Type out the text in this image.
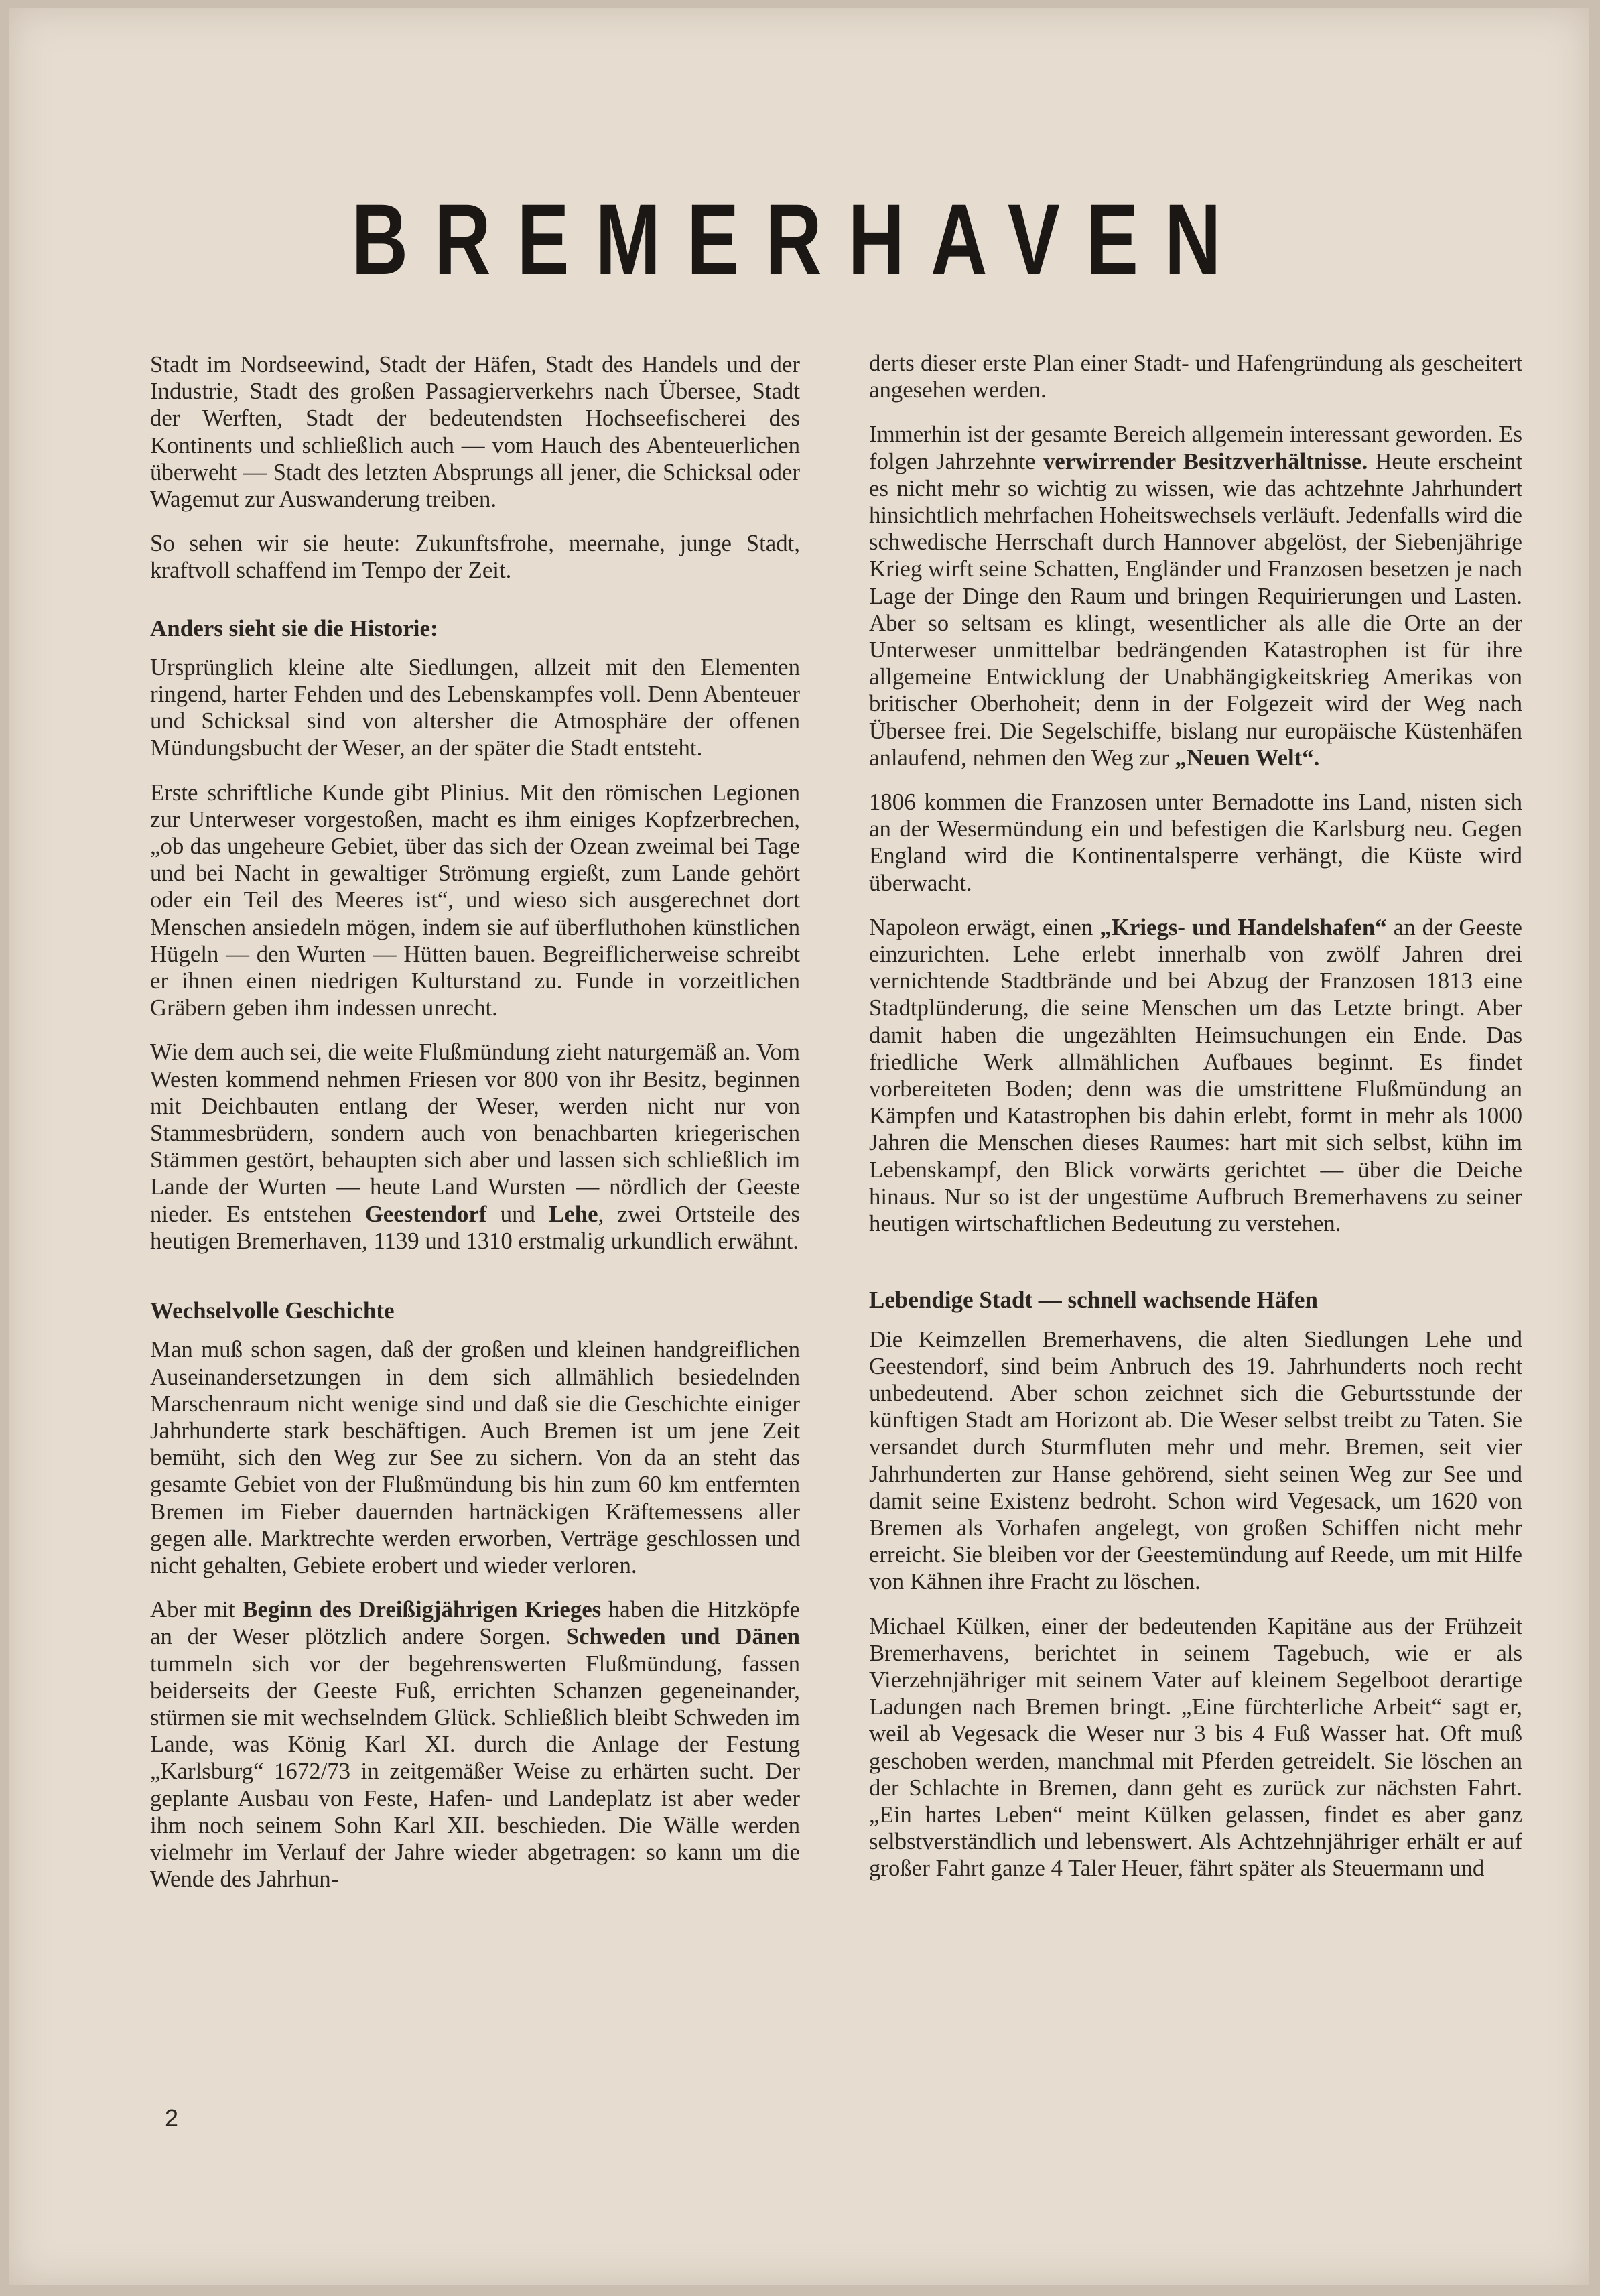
BREMERHAVEN

Stadt im Nordseewind, Stadt der Häfen, Stadt des Handels und der Industrie, Stadt des großen Passagierverkehrs nach Übersee, Stadt der Werften, Stadt der bedeutendsten Hochseefischerei des Kontinents und schließlich auch — vom Hauch des Abenteuerlichen überweht — Stadt des letzten Absprungs all jener, die Schicksal oder Wagemut zur Auswanderung treiben.

So sehen wir sie heute: Zukunftsfrohe, meernahe, junge Stadt, kraftvoll schaffend im Tempo der Zeit.

Anders sieht sie die Historie:

Ursprünglich kleine alte Siedlungen, allzeit mit den Elementen ringend, harter Fehden und des Lebenskampfes voll. Denn Abenteuer und Schicksal sind von altersher die Atmosphäre der offenen Mündungsbucht der Weser, an der später die Stadt entsteht.

Erste schriftliche Kunde gibt Plinius. Mit den römischen Legionen zur Unterweser vorgestoßen, macht es ihm einiges Kopfzerbrechen, „ob das ungeheure Gebiet, über das sich der Ozean zweimal bei Tage und bei Nacht in gewaltiger Strömung ergießt, zum Lande gehört oder ein Teil des Meeres ist“, und wieso sich ausgerechnet dort Menschen ansiedeln mögen, indem sie auf überfluthohen künstlichen Hügeln — den Wurten — Hütten bauen. Begreiflicherweise schreibt er ihnen einen niedrigen Kulturstand zu. Funde in vorzeitlichen Gräbern geben ihm indessen unrecht.

Wie dem auch sei, die weite Flußmündung zieht naturgemäß an. Vom Westen kommend nehmen Friesen vor 800 von ihr Besitz, beginnen mit Deichbauten entlang der Weser, werden nicht nur von Stammesbrüdern, sondern auch von benachbarten kriegerischen Stämmen gestört, behaupten sich aber und lassen sich schließlich im Lande der Wurten — heute Land Wursten — nördlich der Geeste nieder. Es entstehen Geestendorf und Lehe, zwei Ortsteile des heutigen Bremerhaven, 1139 und 1310 erstmalig urkundlich erwähnt.

Wechselvolle Geschichte

Man muß schon sagen, daß der großen und kleinen handgreiflichen Auseinandersetzungen in dem sich allmählich besiedelnden Marschenraum nicht wenige sind und daß sie die Geschichte einiger Jahrhunderte stark beschäftigen. Auch Bremen ist um jene Zeit bemüht, sich den Weg zur See zu sichern. Von da an steht das gesamte Gebiet von der Flußmündung bis hin zum 60 km entfernten Bremen im Fieber dauernden hartnäckigen Kräftemessens aller gegen alle. Marktrechte werden erworben, Verträge geschlossen und nicht gehalten, Gebiete erobert und wieder verloren.

Aber mit Beginn des Dreißigjährigen Krieges haben die Hitzköpfe an der Weser plötzlich andere Sorgen. Schweden und Dänen tummeln sich vor der begehrenswerten Flußmündung, fassen beiderseits der Geeste Fuß, errichten Schanzen gegeneinander, stürmen sie mit wechselndem Glück. Schließlich bleibt Schweden im Lande, was König Karl XI. durch die Anlage der Festung „Karlsburg“ 1672/73 in zeitgemäßer Weise zu erhärten sucht. Der geplante Ausbau von Feste, Hafen- und Landeplatz ist aber weder ihm noch seinem Sohn Karl XII. beschieden. Die Wälle werden vielmehr im Verlauf der Jahre wieder abgetragen: so kann um die Wende des Jahrhun-

derts dieser erste Plan einer Stadt- und Hafengründung als gescheitert angesehen werden.

Immerhin ist der gesamte Bereich allgemein interessant geworden. Es folgen Jahrzehnte verwirrender Besitzverhältnisse. Heute erscheint es nicht mehr so wichtig zu wissen, wie das achtzehnte Jahrhundert hinsichtlich mehrfachen Hoheitswechsels verläuft. Jedenfalls wird die schwedische Herrschaft durch Hannover abgelöst, der Siebenjährige Krieg wirft seine Schatten, Engländer und Franzosen besetzen je nach Lage der Dinge den Raum und bringen Requirierungen und Lasten. Aber so seltsam es klingt, wesentlicher als alle die Orte an der Unterweser unmittelbar bedrängenden Katastrophen ist für ihre allgemeine Entwicklung der Unabhängigkeitskrieg Amerikas von britischer Oberhoheit; denn in der Folgezeit wird der Weg nach Übersee frei. Die Segelschiffe, bislang nur europäische Küstenhäfen anlaufend, nehmen den Weg zur „Neuen Welt“.

1806 kommen die Franzosen unter Bernadotte ins Land, nisten sich an der Wesermündung ein und befestigen die Karlsburg neu. Gegen England wird die Kontinentalsperre verhängt, die Küste wird überwacht.

Napoleon erwägt, einen „Kriegs- und Handelshafen“ an der Geeste einzurichten. Lehe erlebt innerhalb von zwölf Jahren drei vernichtende Stadtbrände und bei Abzug der Franzosen 1813 eine Stadtplünderung, die seine Menschen um das Letzte bringt. Aber damit haben die ungezählten Heimsuchungen ein Ende. Das friedliche Werk allmählichen Aufbaues beginnt. Es findet vorbereiteten Boden; denn was die umstrittene Flußmündung an Kämpfen und Katastrophen bis dahin erlebt, formt in mehr als 1000 Jahren die Menschen dieses Raumes: hart mit sich selbst, kühn im Lebenskampf, den Blick vorwärts gerichtet — über die Deiche hinaus. Nur so ist der ungestüme Aufbruch Bremerhavens zu seiner heutigen wirtschaftlichen Bedeutung zu verstehen.

Lebendige Stadt — schnell wachsende Häfen

Die Keimzellen Bremerhavens, die alten Siedlungen Lehe und Geestendorf, sind beim Anbruch des 19. Jahrhunderts noch recht unbedeutend. Aber schon zeichnet sich die Geburtsstunde der künftigen Stadt am Horizont ab. Die Weser selbst treibt zu Taten. Sie versandet durch Sturmfluten mehr und mehr. Bremen, seit vier Jahrhunderten zur Hanse gehörend, sieht seinen Weg zur See und damit seine Existenz bedroht. Schon wird Vegesack, um 1620 von Bremen als Vorhafen angelegt, von großen Schiffen nicht mehr erreicht. Sie bleiben vor der Geestemündung auf Reede, um mit Hilfe von Kähnen ihre Fracht zu löschen.

Michael Külken, einer der bedeutenden Kapitäne aus der Frühzeit Bremerhavens, berichtet in seinem Tagebuch, wie er als Vierzehnjähriger mit seinem Vater auf kleinem Segelboot derartige Ladungen nach Bremen bringt. „Eine fürchterliche Arbeit“ sagt er, weil ab Vegesack die Weser nur 3 bis 4 Fuß Wasser hat. Oft muß geschoben werden, manchmal mit Pferden getreidelt. Sie löschen an der Schlachte in Bremen, dann geht es zurück zur nächsten Fahrt. „Ein hartes Leben“ meint Külken gelassen, findet es aber ganz selbstverständlich und lebenswert. Als Achtzehnjähriger erhält er auf großer Fahrt ganze 4 Taler Heuer, fährt später als Steuermann und

2
